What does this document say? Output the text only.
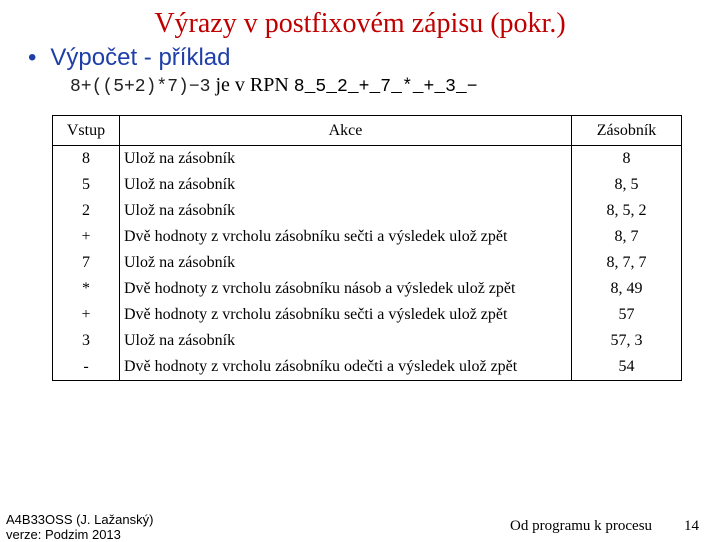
Výrazy v postfixovém zápisu (pokr.)
• Výpočet - příklad
8+((5+2)*7)−3 je v RPN 8 5 2 + 7 * + 3 −
Vstup	Akce	Zásobník
8	Ulož na zásobník	8
5	Ulož na zásobník	8, 5
2	Ulož na zásobník	8, 5, 2
+	Dvě hodnoty z vrcholu zásobníku sečti a výsledek ulož zpět	8, 7
7	Ulož na zásobník	8, 7, 7
*	Dvě hodnoty z vrcholu zásobníku násob a výsledek ulož zpět	8, 49
+	Dvě hodnoty z vrcholu zásobníku sečti a výsledek ulož zpět	57
3	Ulož na zásobník	57, 3
-	Dvě hodnoty z vrcholu zásobníku odečti a výsledek ulož zpět	54
A4B33OSS (J. Lažanský)
verze: Podzim 2013
Od programu k procesu 14
